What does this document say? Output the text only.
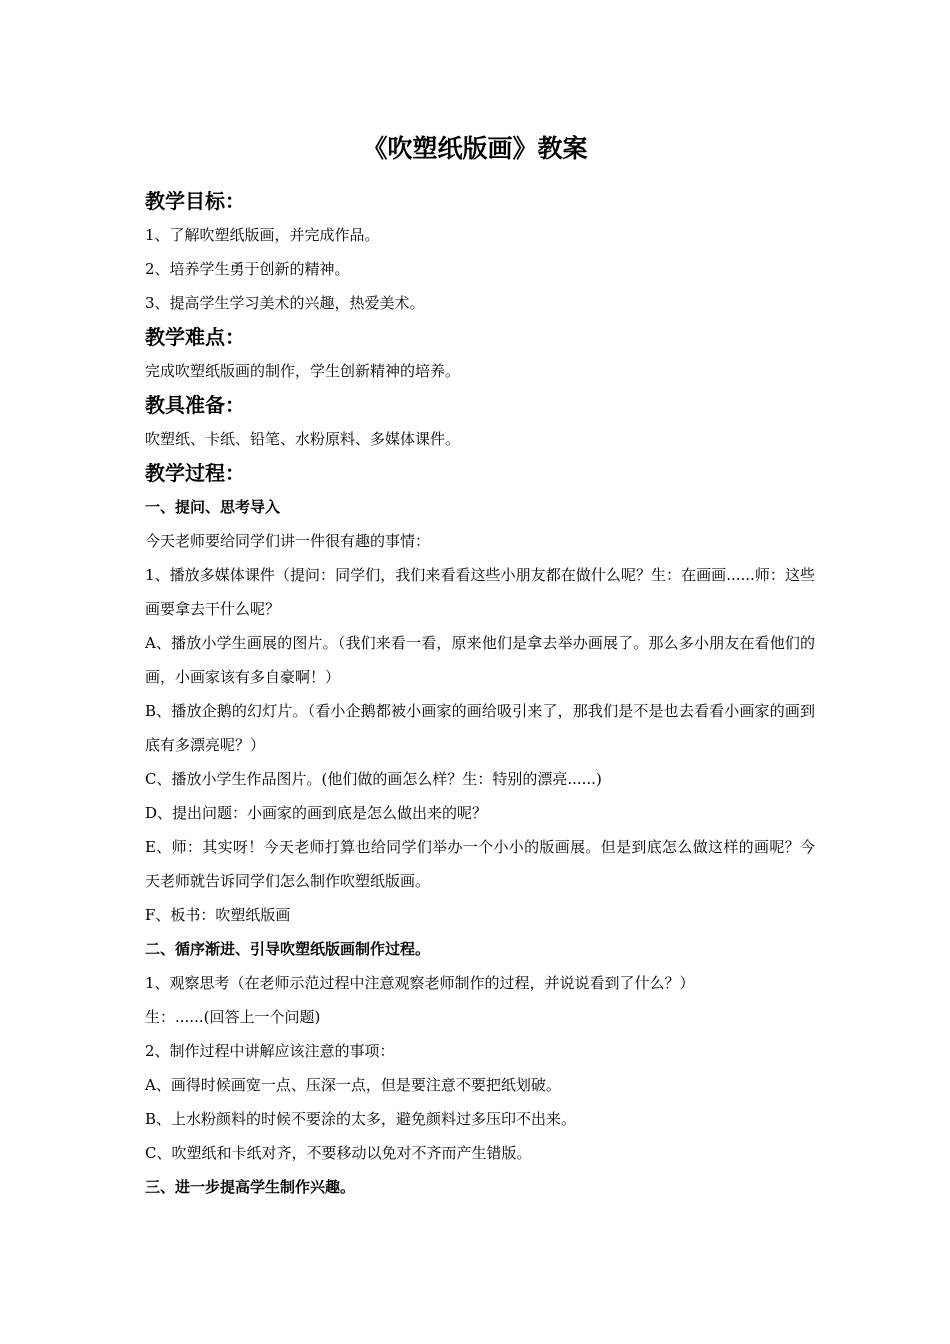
《吹塑纸版画》教案
教学目标：
1、了解吹塑纸版画，并完成作品。
2、培养学生勇于创新的精神。
3、提高学生学习美术的兴趣，热爱美术。
教学难点：
完成吹塑纸版画的制作，学生创新精神的培养。
教具准备：
吹塑纸、卡纸、铅笔、水粉原料、多媒体课件。
教学过程：
一、提问、思考导入
今天老师要给同学们讲一件很有趣的事情：
1、播放多媒体课件（提问：同学们，我们来看看这些小朋友都在做什么呢？生：在画画......师：这些画要拿去干什么呢？
A、播放小学生画展的图片。（我们来看一看，原来他们是拿去举办画展了。那么多小朋友在看他们的画，小画家该有多自豪啊！）
B、播放企鹅的幻灯片。（看小企鹅都被小画家的画给吸引来了，那我们是不是也去看看小画家的画到底有多漂亮呢？）
C、播放小学生作品图片。(他们做的画怎么样？生：特别的漂亮......)
D、提出问题：小画家的画到底是怎么做出来的呢？
E、师：其实呀！今天老师打算也给同学们举办一个小小的版画展。但是到底怎么做这样的画呢？今天老师就告诉同学们怎么制作吹塑纸版画。
F、板书：吹塑纸版画
二、循序渐进、引导吹塑纸版画制作过程。
1、观察思考（在老师示范过程中注意观察老师制作的过程，并说说看到了什么？）
生：......(回答上一个问题)
2、制作过程中讲解应该注意的事项：
A、画得时候画宽一点、压深一点，但是要注意不要把纸划破。
B、上水粉颜料的时候不要涂的太多，避免颜料过多压印不出来。
C、吹塑纸和卡纸对齐，不要移动以免对不齐而产生错版。
三、进一步提高学生制作兴趣。
